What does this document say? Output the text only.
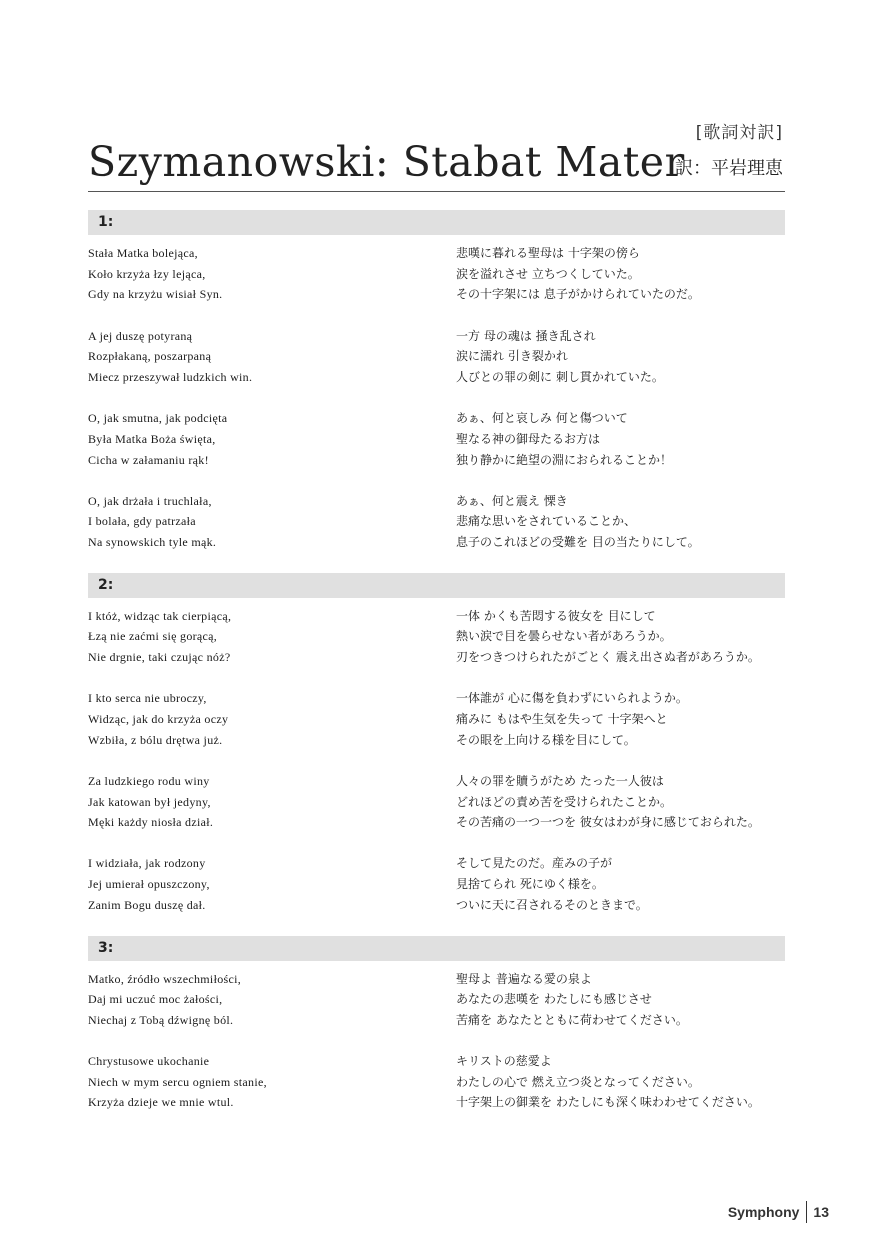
[歌詞対訳]
Szymanowski: Stabat Mater
訳：平岩理恵
1:
Stała Matka bolejąca,
Koło krzyża łzy lejąca,
Gdy na krzyżu wisiał Syn.
悲嘆に暮れる聖母は 十字架の傍ら
涙を溢れさせ 立ちつくしていた。
その十字架には 息子がかけられていたのだ。
A jej duszę potyraną
Rozpłakaną, poszarpaną
Miecz przeszywał ludzkich win.
一方 母の魂は 掻き乱され
涙に濡れ 引き裂かれ
人びとの罪の剣に 刺し貫かれていた。
O, jak smutna, jak podcięta
Była Matka Boża święta,
Cicha w załamaniu rąk!
あぁ、何と哀しみ 何と傷ついて
聖なる神の御母たるお方は
独り静かに絶望の淵におられることか！
O, jak drżała i truchlała,
I bolała, gdy patrzała
Na synowskich tyle mąk.
あぁ、何と震え 慄き
悲痛な思いをされていることか、
息子のこれほどの受難を 目の当たりにして。
2:
I któż, widząc tak cierpiącą,
Łzą nie zaćmi się gorącą,
Nie drgnie, taki czując nóż?
一体 かくも苦悶する彼女を 目にして
熱い涙で目を曇らせない者があろうか。
刃をつきつけられたがごとく 震え出さぬ者があろうか。
I kto serca nie ubroczy,
Widząc, jak do krzyża oczy
Wzbiła, z bólu drętwa już.
一体誰が 心に傷を負わずにいられようか。
痛みに もはや生気を失って 十字架へと
その眼を上向ける様を目にして。
Za ludzkiego rodu winy
Jak katowan był jedyny,
Męki każdy niosła dział.
人々の罪を贖うがため たった一人彼は
どれほどの責め苦を受けられたことか。
その苦痛の一つ一つを 彼女はわが身に感じておられた。
I widziała, jak rodzony
Jej umierał opuszczony,
Zanim Bogu duszę dał.
そして見たのだ。産みの子が
見捨てられ 死にゆく様を。
ついに天に召されるそのときまで。
3:
Matko, źródło wszechmiłości,
Daj mi uczuć moc żałości,
Niechaj z Tobą dźwignę ból.
聖母よ 普遍なる愛の泉よ
あなたの悲嘆を わたしにも感じさせ
苦痛を あなたとともに荷わせてください。
Chrystusowe ukochanie
Niech w mym sercu ogniem stanie,
Krzyża dzieje we mnie wtul.
キリストの慈愛よ
わたしの心で 燃え立つ炎となってください。
十字架上の御業を わたしにも深く味わわせてください。
Symphony 13
